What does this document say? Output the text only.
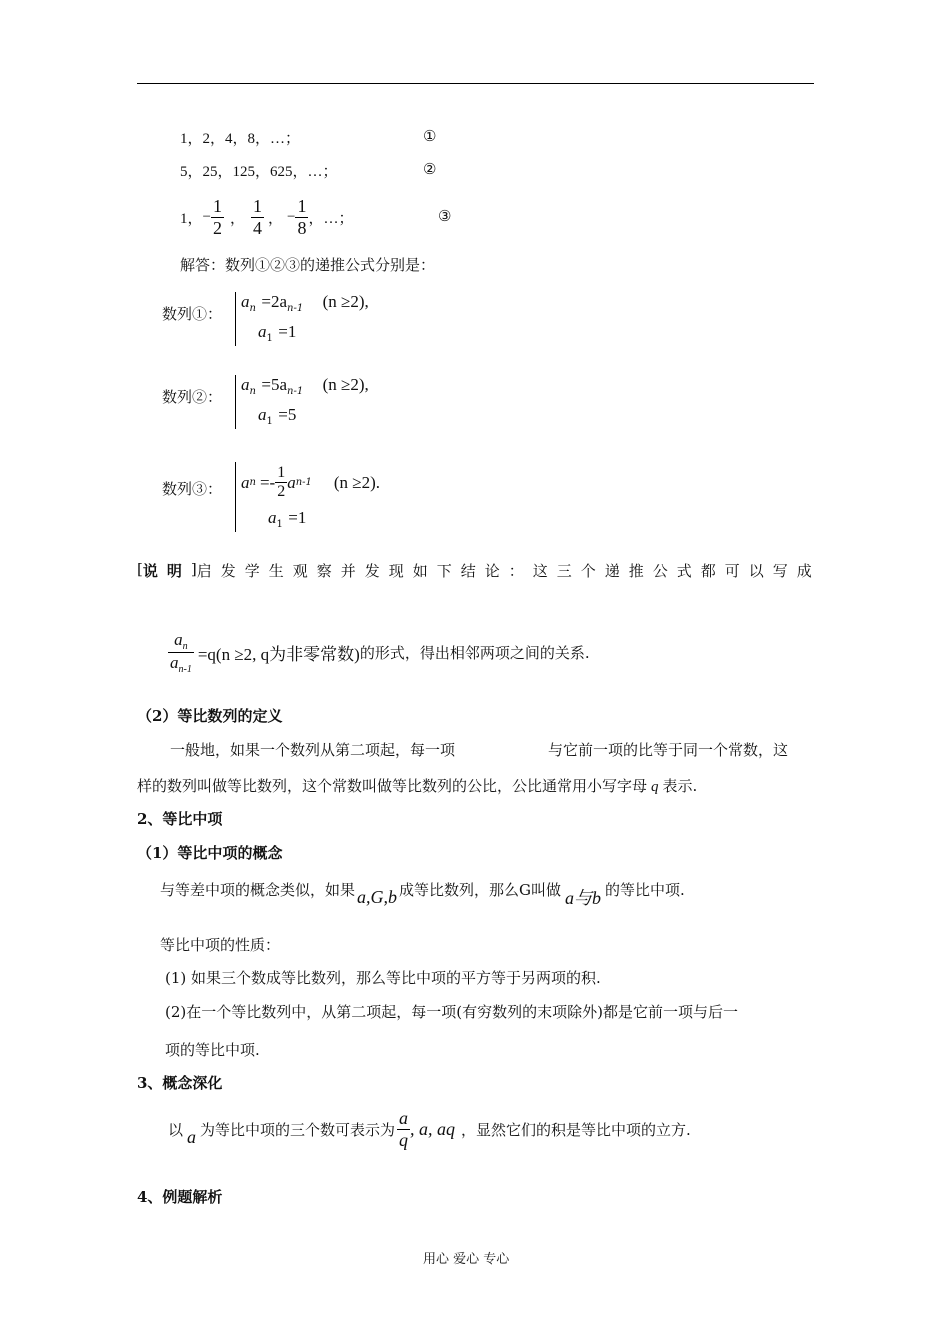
1，2，4，8，…；	①
5，25，125，625，…；	②
1， − $\frac{1}{2}$ ， $\frac{1}{4}$ ， − $\frac{1}{8}$ ，…；	③
解答：数列①②③的递推公式分别是：
数列①：
$a_n =2a_{n-1}$ (n ≥2),
$a_1 =1$
数列②：
$a_n =5a_{n-1}$ (n ≥2),
$a_1 =5$
数列③： a $n =- \frac{1}{2}$ a n-1 (n ≥2) .
$a_1 =1$
[ 说明 ] 启发学生观察并发现如下结论：这三个递推公式都可以写成
$\frac{a_n}{a_{n-1}} =q(n \ge 2$, q为非零常数) 的形式，得出相邻两项之间的关系.
（2）等比数列的定义
一般地，如果一个数列从第二项起，每一项	与它前一项的比等于同一个常数，这
样的数列叫做等比数列，这个常数叫做等比数列的公比，公比通常用小写字母 q 表示.
2、等比中项
（1）等比中项的概念
与等差中项的概念类似，如果 a,G,b 成等比数列，那么G叫做 a与b 的等比中项.
等比中项的性质：
(1) 如果三个数成等比数列，那么等比中项的平方等于另两项的积.
(2)在一个等比数列中，从第二项起，每一项(有穷数列的末项除外)都是它前一项与后一
项的等比中项.
3、概念深化
以 a 为等比中项的三个数可表示为 $\frac{a}{q}$ , a, aq ，显然它们的积是等比中项的立方.
4、例题解析
用心 爱心 专心
